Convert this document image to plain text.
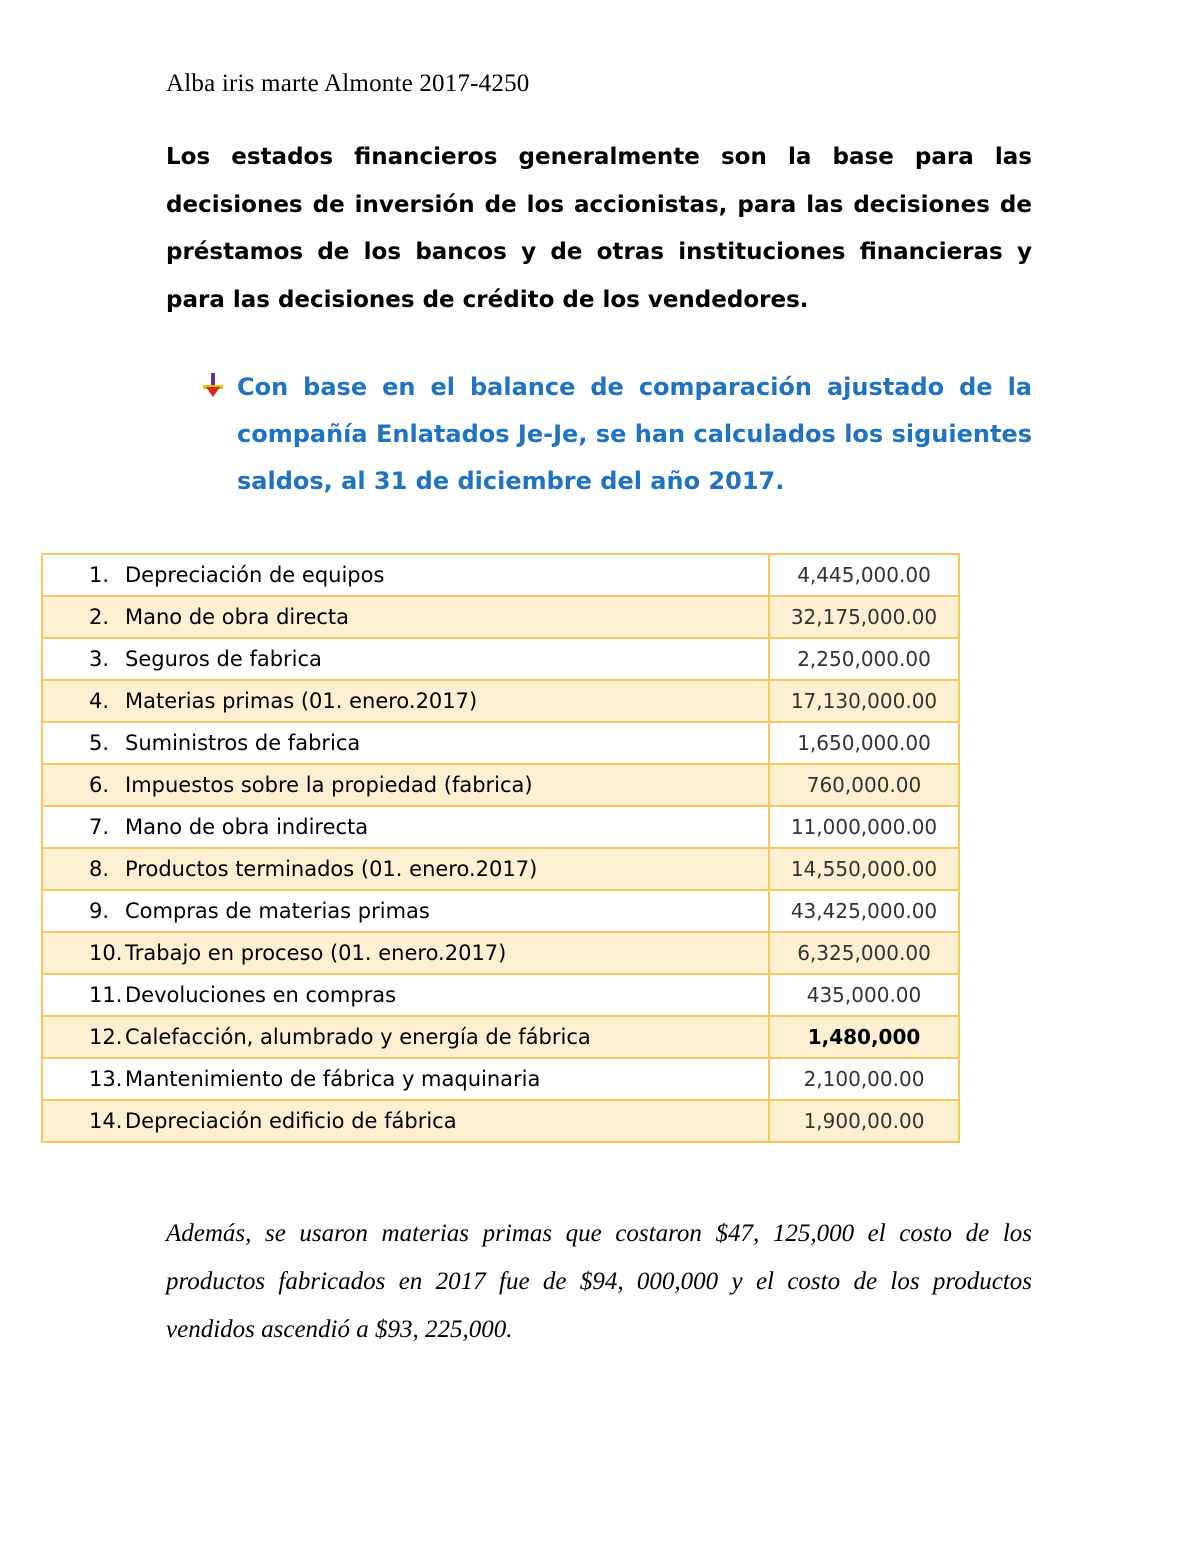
Alba iris marte Almonte 2017-4250

Los estados financieros generalmente son la base para las decisiones de inversión de los accionistas, para las decisiones de préstamos de los bancos y de otras instituciones financieras y para las decisiones de crédito de los vendedores.

Con base en el balance de comparación ajustado de la compañía Enlatados Je-Je, se han calculados los siguientes saldos, al 31 de diciembre del año 2017.

1. Depreciación de equipos	4,445,000.00
2. Mano de obra directa	32,175,000.00
3. Seguros de fabrica	2,250,000.00
4. Materias primas (01. enero.2017)	17,130,000.00
5. Suministros de fabrica	1,650,000.00
6. Impuestos sobre la propiedad (fabrica)	760,000.00
7. Mano de obra indirecta	11,000,000.00
8. Productos terminados (01. enero.2017)	14,550,000.00
9. Compras de materias primas	43,425,000.00
10. Trabajo en proceso (01. enero.2017)	6,325,000.00
11. Devoluciones en compras	435,000.00
12. Calefacción, alumbrado y energía de fábrica	1,480,000
13. Mantenimiento de fábrica y maquinaria	2,100,00.00
14. Depreciación edificio de fábrica	1,900,00.00

Además, se usaron materias primas que costaron $47, 125,000 el costo de los productos fabricados en 2017 fue de $94, 000,000 y el costo de los productos vendidos ascendió a $93, 225,000.
